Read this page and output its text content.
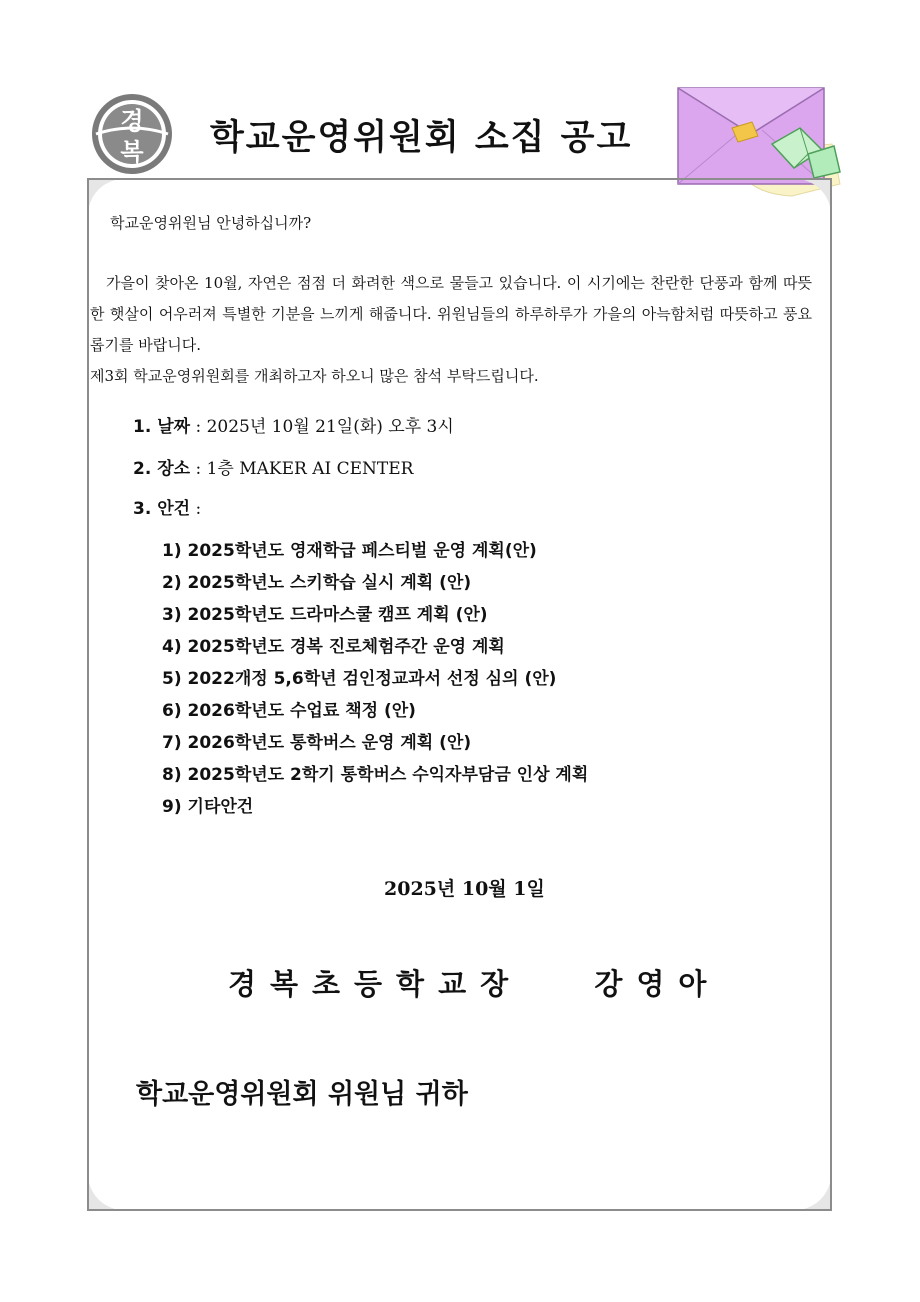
경
복 학교운영위원회 소집 공고
학교운영위원님 안녕하십니까?

가을이 찾아온 10월, 자연은 점점 더 화려한 색으로 물들고 있습니다. 이 시기에는 찬란한 단풍과 함께 따뜻한 햇살이 어우러져 특별한 기분을 느끼게 해줍니다. 위원님들의 하루하루가 가을의 아늑함처럼 따뜻하고 풍요롭기를 바랍니다.

제3회 학교운영위원회를 개최하고자 하오니 많은 참석 부탁드립니다.

1. 날짜 : 2025년 10월 21일(화) 오후 3시
2. 장소 : 1층 MAKER AI CENTER
3. 안건 :
1) 2025학년도 영재학급 페스티벌 운영 계획(안)
2) 2025학년노 스키학습 실시 계획 (안)
3) 2025학년도 드라마스쿨 캠프 계획 (안)
4) 2025학년도 경복 진로체험주간 운영 계획
5) 2022개정 5,6학년 검인정교과서 선정 심의 (안)
6) 2026학년도 수업료 책정 (안)
7) 2026학년도 통학버스 운영 계획 (안)
8) 2025학년도 2학기 통학버스 수익자부담금 인상 계획
9) 기타안건
2025년 10월 1일
경복초등학교장   강영아
학교운영위원회 위원님 귀하
